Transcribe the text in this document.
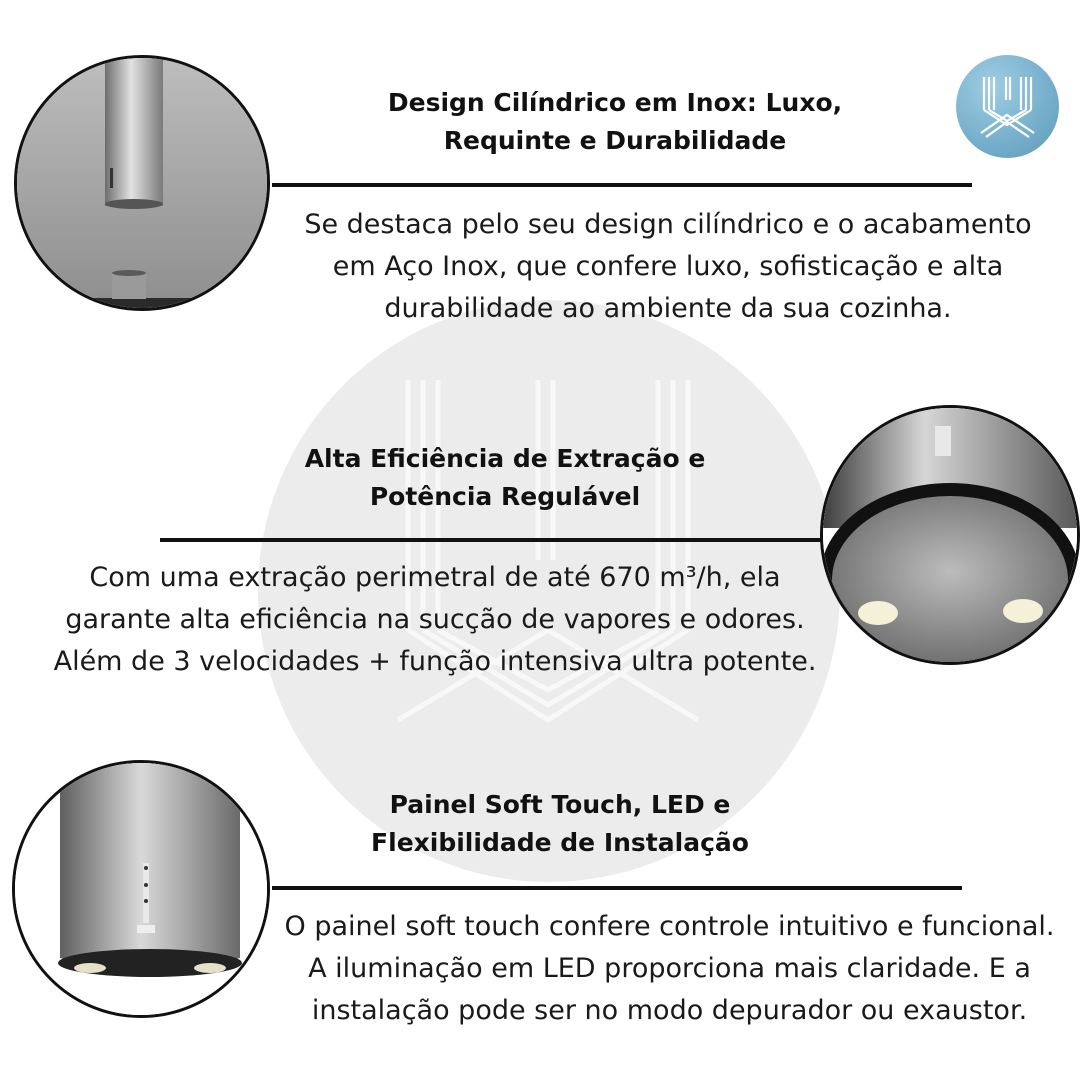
Design Cilíndrico em Inox: Luxo,
Requinte e Durabilidade

Se destaca pelo seu design cilíndrico e o acabamento
em Aço Inox, que confere luxo, sofisticação e alta
durabilidade ao ambiente da sua cozinha.

Alta Eficiência de Extração e
Potência Regulável

Com uma extração perimetral de até 670 m³/h, ela
garante alta eficiência na sucção de vapores e odores.
Além de 3 velocidades + função intensiva ultra potente.

Painel Soft Touch, LED e
Flexibilidade de Instalação

O painel soft touch confere controle intuitivo e funcional.
A iluminação em LED proporciona mais claridade. E a
instalação pode ser no modo depurador ou exaustor.
